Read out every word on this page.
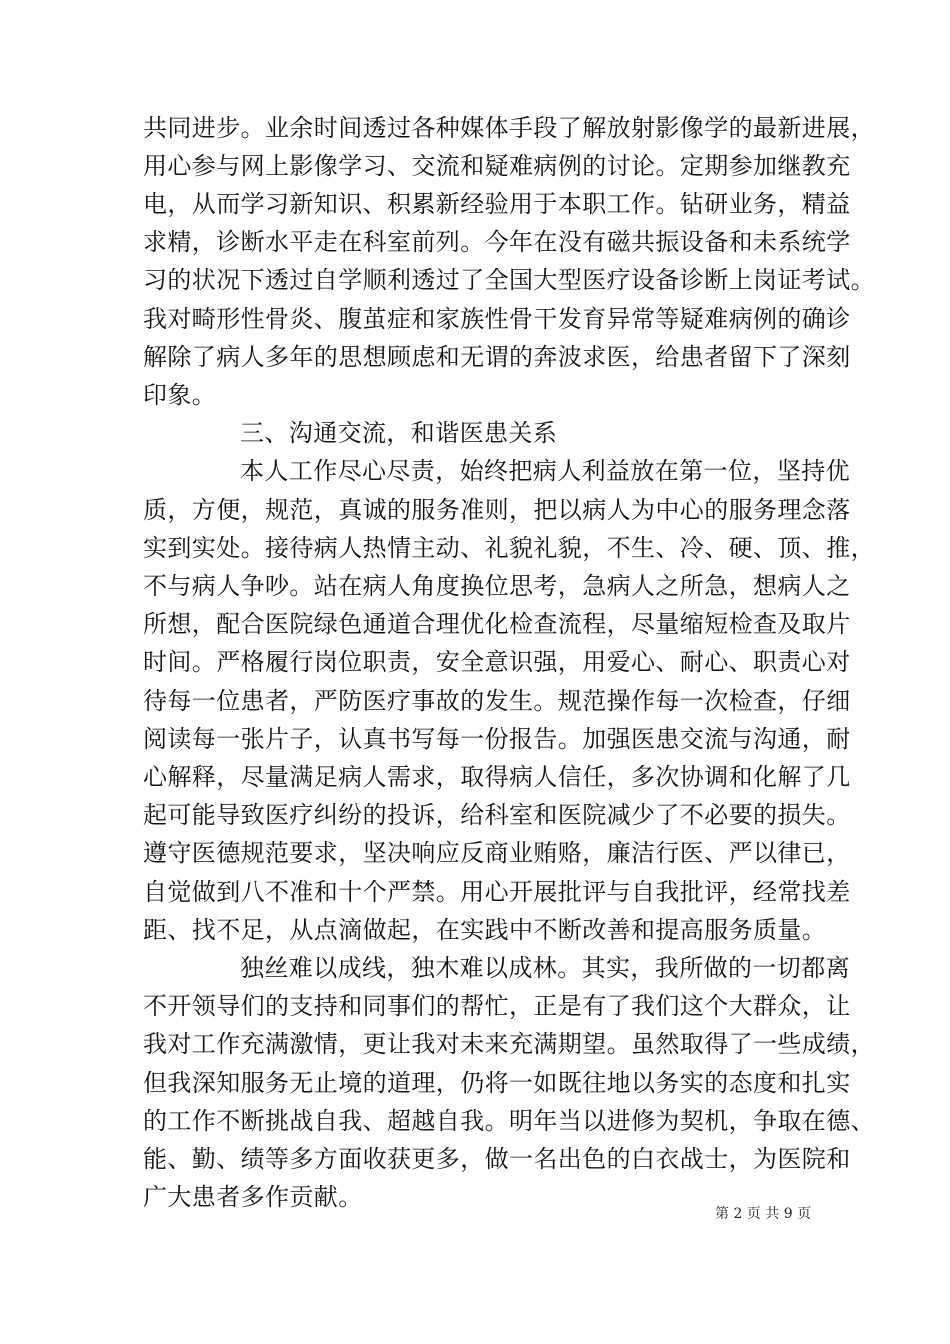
共同进步。业余时间透过各种媒体手段了解放射影像学的最新进展，
用心参与网上影像学习、交流和疑难病例的讨论。定期参加继教充
电，从而学习新知识、积累新经验用于本职工作。钻研业务，精益
求精，诊断水平走在科室前列。今年在没有磁共振设备和未系统学
习的状况下透过自学顺利透过了全国大型医疗设备诊断上岗证考试。
我对畸形性骨炎、腹茧症和家族性骨干发育异常等疑难病例的确诊
解除了病人多年的思想顾虑和无谓的奔波求医，给患者留下了深刻
印象。
三、沟通交流，和谐医患关系
本人工作尽心尽责，始终把病人利益放在第一位，坚持优
质，方便，规范，真诚的服务准则，把以病人为中心的服务理念落
实到实处。接待病人热情主动、礼貌礼貌，不生、冷、硬、顶、推，
不与病人争吵。站在病人角度换位思考，急病人之所急，想病人之
所想，配合医院绿色通道合理优化检查流程，尽量缩短检查及取片
时间。严格履行岗位职责，安全意识强，用爱心、耐心、职责心对
待每一位患者，严防医疗事故的发生。规范操作每一次检查，仔细
阅读每一张片子，认真书写每一份报告。加强医患交流与沟通，耐
心解释，尽量满足病人需求，取得病人信任，多次协调和化解了几
起可能导致医疗纠纷的投诉，给科室和医院减少了不必要的损失。
遵守医德规范要求，坚决响应反商业贿赂，廉洁行医、严以律已，
自觉做到八不准和十个严禁。用心开展批评与自我批评，经常找差
距、找不足，从点滴做起，在实践中不断改善和提高服务质量。
独丝难以成线，独木难以成林。其实，我所做的一切都离
不开领导们的支持和同事们的帮忙，正是有了我们这个大群众，让
我对工作充满激情，更让我对未来充满期望。虽然取得了一些成绩，
但我深知服务无止境的道理，仍将一如既往地以务实的态度和扎实
的工作不断挑战自我、超越自我。明年当以进修为契机，争取在德、
能、勤、绩等多方面收获更多，做一名出色的白衣战士，为医院和
广大患者多作贡献。
第 2 页 共 9 页
